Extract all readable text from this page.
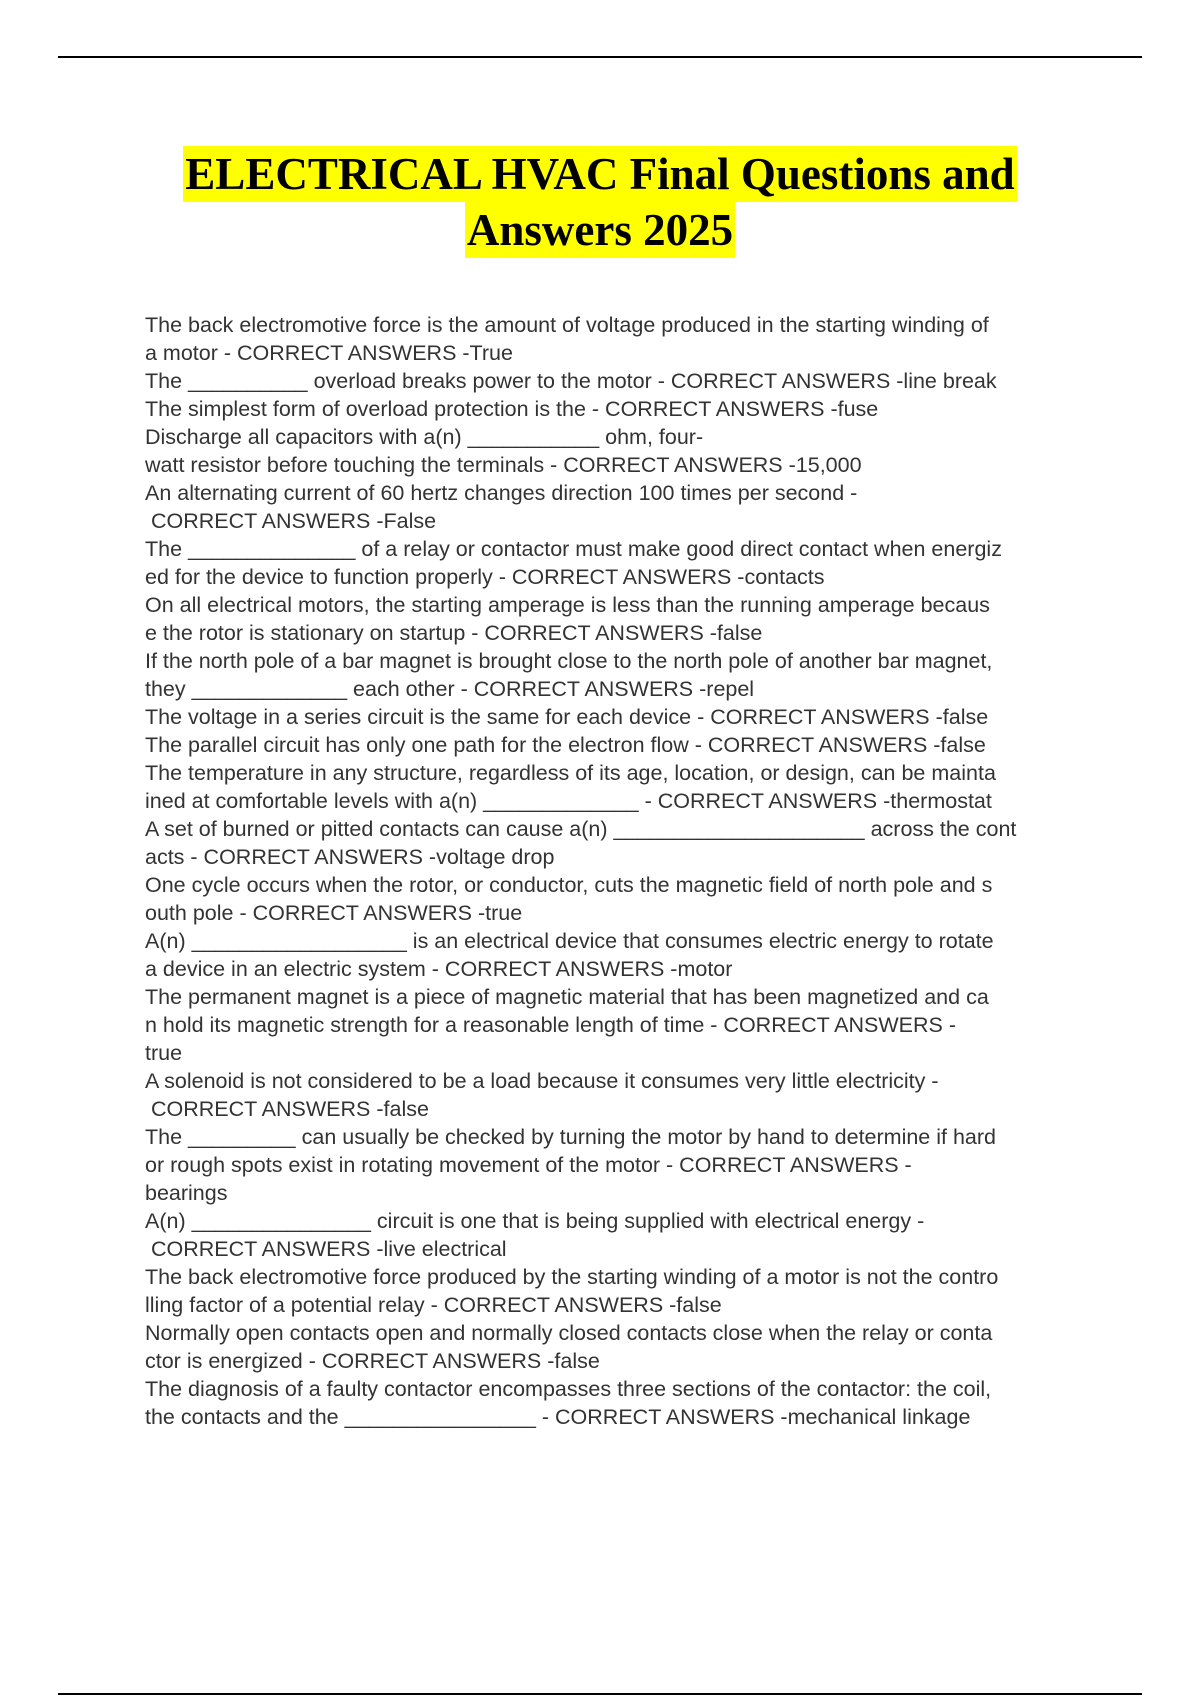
ELECTRICAL HVAC Final Questions and
Answers 2025
The back electromotive force is the amount of voltage produced in the starting winding of
a motor - CORRECT ANSWERS -True
The __________ overload breaks power to the motor - CORRECT ANSWERS -line break
The simplest form of overload protection is the - CORRECT ANSWERS -fuse
Discharge all capacitors with a(n) ___________ ohm, four-
watt resistor before touching the terminals - CORRECT ANSWERS -15,000
An alternating current of 60 hertz changes direction 100 times per second -
CORRECT ANSWERS -False
The ______________ of a relay or contactor must make good direct contact when energiz
ed for the device to function properly - CORRECT ANSWERS -contacts
On all electrical motors, the starting amperage is less than the running amperage becaus
e the rotor is stationary on startup - CORRECT ANSWERS -false
If the north pole of a bar magnet is brought close to the north pole of another bar magnet,
they _____________ each other - CORRECT ANSWERS -repel
The voltage in a series circuit is the same for each device - CORRECT ANSWERS -false
The parallel circuit has only one path for the electron flow - CORRECT ANSWERS -false
The temperature in any structure, regardless of its age, location, or design, can be mainta
ined at comfortable levels with a(n) _____________ - CORRECT ANSWERS -thermostat
A set of burned or pitted contacts can cause a(n) _____________________ across the cont
acts - CORRECT ANSWERS -voltage drop
One cycle occurs when the rotor, or conductor, cuts the magnetic field of north pole and s
outh pole - CORRECT ANSWERS -true
A(n) __________________ is an electrical device that consumes electric energy to rotate
a device in an electric system - CORRECT ANSWERS -motor
The permanent magnet is a piece of magnetic material that has been magnetized and ca
n hold its magnetic strength for a reasonable length of time - CORRECT ANSWERS -
true
A solenoid is not considered to be a load because it consumes very little electricity -
CORRECT ANSWERS -false
The _________ can usually be checked by turning the motor by hand to determine if hard
or rough spots exist in rotating movement of the motor - CORRECT ANSWERS -
bearings
A(n) _______________ circuit is one that is being supplied with electrical energy -
CORRECT ANSWERS -live electrical
The back electromotive force produced by the starting winding of a motor is not the contro
lling factor of a potential relay - CORRECT ANSWERS -false
Normally open contacts open and normally closed contacts close when the relay or conta
ctor is energized - CORRECT ANSWERS -false
The diagnosis of a faulty contactor encompasses three sections of the contactor: the coil,
the contacts and the ________________ - CORRECT ANSWERS -mechanical linkage
